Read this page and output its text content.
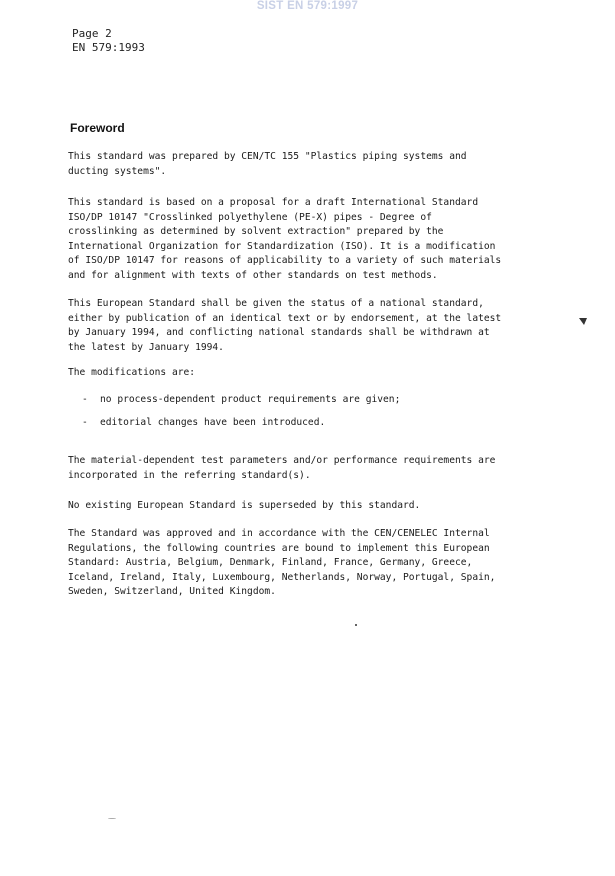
SIST EN 579:1997
Page 2
EN 579:1993
Foreword
This standard was prepared by CEN/TC 155 "Plastics piping systems and
ducting systems".
This standard is based on a proposal for a draft International Standard
ISO/DP 10147 "Crosslinked polyethylene (PE-X) pipes - Degree of
crosslinking as determined by solvent extraction" prepared by the
International Organization for Standardization (ISO). It is a modification
of ISO/DP 10147 for reasons of applicability to a variety of such materials
and for alignment with texts of other standards on test methods.
This European Standard shall be given the status of a national standard,
either by publication of an identical text or by endorsement, at the latest
by January 1994, and conflicting national standards shall be withdrawn at
the latest by January 1994.
The modifications are:
- no process-dependent product requirements are given;
- editorial changes have been introduced.
The material-dependent test parameters and/or performance requirements are
incorporated in the referring standard(s).
No existing European Standard is superseded by this standard.
The Standard was approved and in accordance with the CEN/CENELEC Internal
Regulations, the following countries are bound to implement this European
Standard: Austria, Belgium, Denmark, Finland, France, Germany, Greece,
Iceland, Ireland, Italy, Luxembourg, Netherlands, Norway, Portugal, Spain,
Sweden, Switzerland, United Kingdom.
